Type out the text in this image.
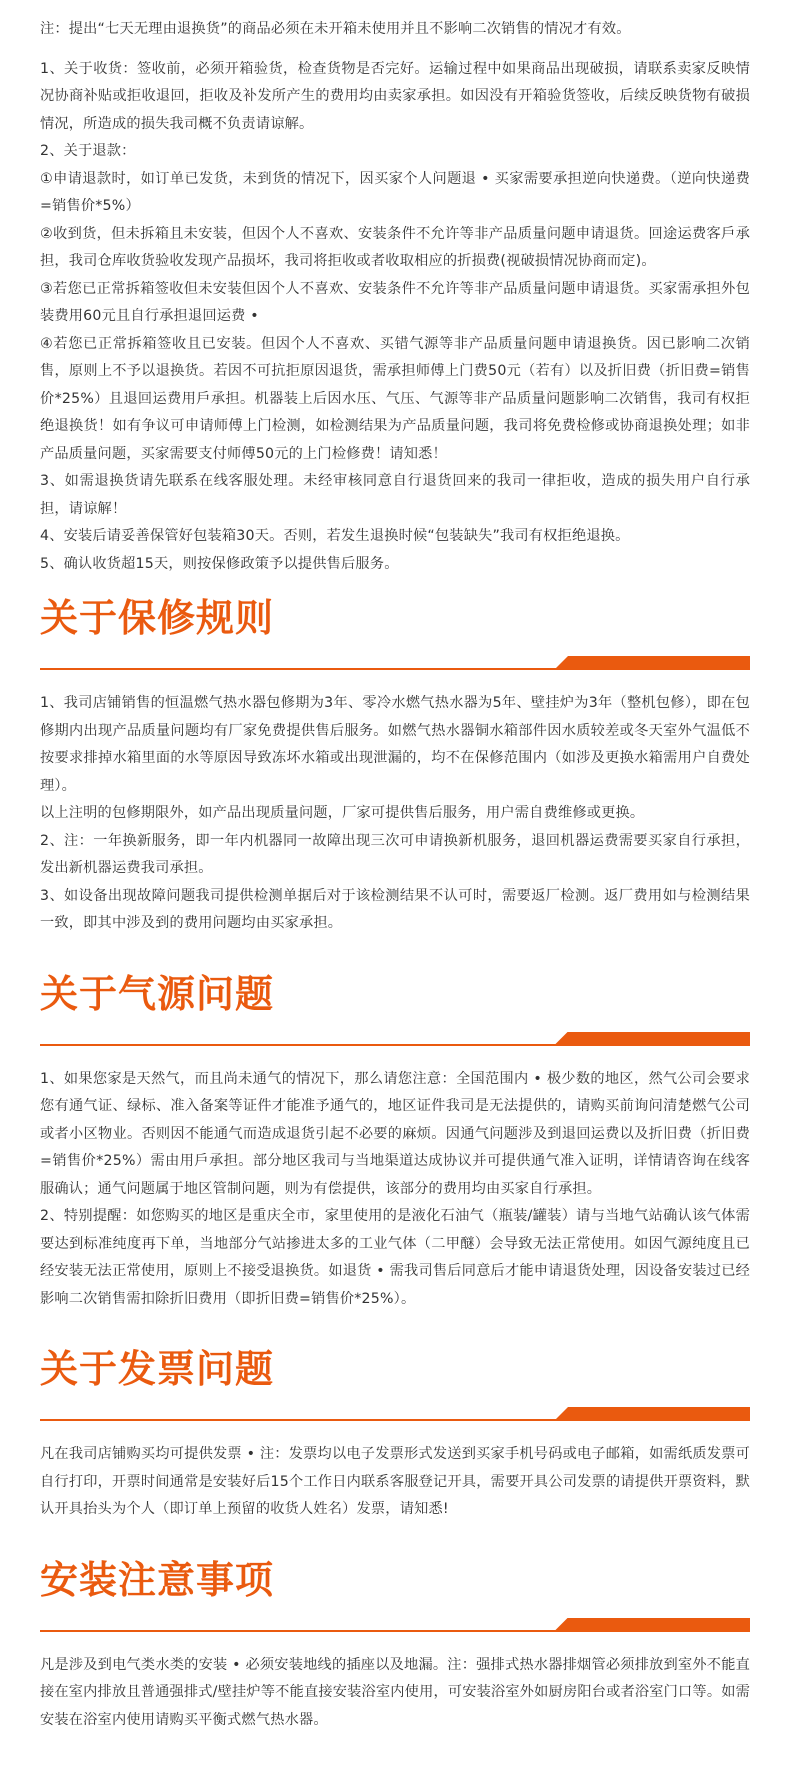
注：提出“七天无理由退换货”的商品必须在未开箱未使用并且不影响二次销售的情况才有效。

1、关于收货：签收前，必须开箱验货，检查货物是否完好。运输过程中如果商品出现破损，请联系卖家反映情况协商补贴或拒收退回，拒收及补发所产生的费用均由卖家承担。如因没有开箱验货签收，后续反映货物有破损情况，所造成的损失我司概不负责请谅解。

2、关于退款：

①申请退款时，如订单已发货，未到货的情况下，因买家个人问题退 • 买家需要承担逆向快递费。（逆向快递费=销售价*5%）

②收到货，但未拆箱且未安装，但因个人不喜欢、安装条件不允许等非产品质量问题申请退货。回途运费客戶承担，我司仓库收货验收发现产品损坏，我司将拒收或者收取相应的折损费(视破损情况协商而定)。

③若您已正常拆箱签收但未安装但因个人不喜欢、安装条件不允许等非产品质量问题申请退货。买家需承担外包装费用60元且自行承担退回运费 •

④若您已正常拆箱签收且已安装。但因个人不喜欢、买错气源等非产品质量问题申请退换货。因已影响二次销售，原则上不予以退换货。若因不可抗拒原因退货，需承担师傅上门费50元（若有）以及折旧费（折旧费=销售价*25%）且退回运费用戶承担。机器装上后因水压、气压、气源等非产品质量问题影响二次销售，我司有权拒绝退换货！如有争议可申请师傅上门检测，如检测结果为产品质量问题，我司将免费检修或协商退换处理；如非产品质量问题，买家需要支付师傅50元的上门检修费！请知悉！

3、如需退换货请先联系在线客服处理。未经审核同意自行退货回来的我司一律拒收，造成的损失用户自行承担，请谅解！

4、安装后请妥善保管好包装箱30天。否则，若发生退换时候“包装缺失”我司有权拒绝退换。

5、确认收货超15天，则按保修政策予以提供售后服务。

关于保修规则

1、我司店铺销售的恒温燃气热水器包修期为3年、零冷水燃气热水器为5年、壁挂炉为3年（整机包修），即在包修期内出现产品质量问题均有厂家免费提供售后服务。如燃气热水器铜水箱部件因水质较差或冬天室外气温低不按要求排掉水箱里面的水等原因导致冻坏水箱或出现泄漏的，均不在保修范围内（如涉及更换水箱需用户自费处理）。

以上注明的包修期限外，如产品出现质量问题，厂家可提供售后服务，用户需自费维修或更换。

2、注：一年换新服务，即一年内机器同一故障出现三次可申请换新机服务，退回机器运费需要买家自行承担，发出新机器运费我司承担。

3、如设备出现故障问题我司提供检测单据后对于该检测结果不认可时，需要返厂检测。返厂费用如与检测结果一致，即其中涉及到的费用问题均由买家承担。

关于气源问题

1、如果您家是天然气，而且尚未通气的情况下，那么请您注意：全国范围内 • 极少数的地区，然气公司会要求您有通气证、绿标、准入备案等证件才能准予通气的，地区证件我司是无法提供的，请购买前询问清楚燃气公司或者小区物业。否则因不能通气而造成退货引起不必要的麻烦。因通气问题涉及到退回运费以及折旧费（折旧费=销售价*25%）需由用戶承担。部分地区我司与当地渠道达成协议并可提供通气准入证明，详情请咨询在线客服确认；通气问题属于地区管制问题，则为有偿提供，该部分的费用均由买家自行承担。

2、特别提醒：如您购买的地区是重庆全市，家里使用的是液化石油气（瓶装/罐装）请与当地气站确认该气体需要达到标准纯度再下单，当地部分气站掺进太多的工业气体（二甲醚）会导致无法正常使用。如因气源纯度且已经安装无法正常使用，原则上不接受退换货。如退货 • 需我司售后同意后才能申请退货处理，因设备安装过已经影响二次销售需扣除折旧费用（即折旧费=销售价*25%）。

关于发票问题

凡在我司店铺购买均可提供发票 • 注：发票均以电子发票形式发送到买家手机号码或电子邮箱，如需纸质发票可自行打印，开票时间通常是安装好后15个工作日内联系客服登记开具，需要开具公司发票的请提供开票资料，默认开具抬头为个人（即订单上预留的收货人姓名）发票，请知悉!

安装注意事项

凡是涉及到电气类水类的安装 • 必须安装地线的插座以及地漏。注：强排式热水器排烟管必须排放到室外不能直接在室内排放且普通强排式/壁挂炉等不能直接安装浴室内使用，可安装浴室外如厨房阳台或者浴室门口等。如需安装在浴室内使用请购买平衡式燃气热水器。
